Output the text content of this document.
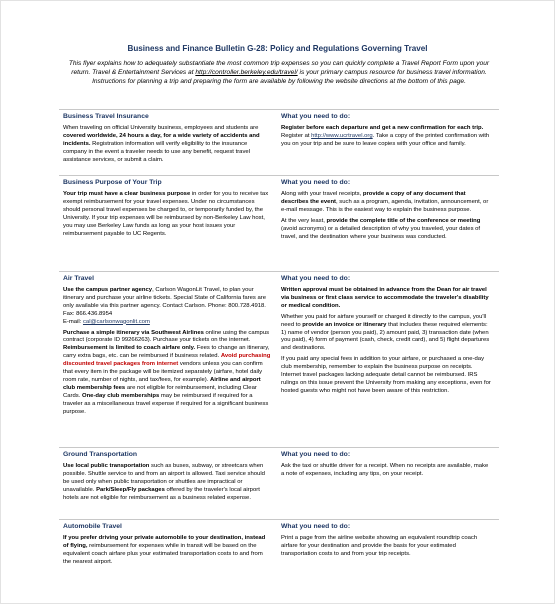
Business and Finance Bulletin G-28: Policy and Regulations Governing Travel
This flyer explains how to adequately substantiate the most common trip expenses so you can quickly complete a Travel Report Form upon your return. Travel & Entertainment Services at http://controller.berkeley.edu/travel/ is your primary campus resource for business travel information. Instructions for planning a trip and preparing the form are available by following the website directions at the bottom of this page.
Business Travel Insurance

When traveling on official University business, employees and students are covered worldwide, 24 hours a day, for a wide variety of accidents and incidents. Registration information will verify eligibility to the insurance company in the event a traveler needs to use any benefit, request travel assistance services, or submit a claim.

What you need to do:

Register before each departure and get a new confirmation for each trip. Register at http://www.ucrtravel.org. Take a copy of the printed confirmation with you on your trip and be sure to leave copies with your office and family.

Business Purpose of Your Trip

Your trip must have a clear business purpose in order for you to receive tax exempt reimbursement for your travel expenses. Under no circumstances should personal travel expenses be charged to, or temporarily funded by, the University. If your trip expenses will be reimbursed by non-Berkeley Law host, you may use Berkeley Law funds as long as your host issues your reimbursement payable to UC Regents.

What you need to do:

Along with your travel receipts, provide a copy of any document that describes the event, such as a program, agenda, invitation, announcement, or e-mail message. This is the easiest way to explain the business purpose.

At the very least, provide the complete title of the conference or meeting (avoid acronyms) or a detailed description of why you traveled, your dates of travel, and the destination where your business was conducted.

Air Travel

Use the campus partner agency, Carlson WagonLit Travel, to plan your itinerary and purchase your airline tickets. Special State of California fares are only available via this partner agency. Contact Carlson. Phone: 800.728.4918. Fax: 866.436.8954
E-mail: cal@carlsonwagonlit.com

Purchase a simple itinerary via Southwest Airlines online using the campus contract (corporate ID 99266263). Purchase your tickets on the internet. Reimbursement is limited to coach airfare only. Fees to change an itinerary, carry extra bags, etc. can be reimbursed if business related. Avoid purchasing discounted travel packages from internet vendors unless you can confirm that every item in the package will be itemized separately (airfare, hotel daily room rate, number of nights, and tax/fees, for example). Airline and airport club membership fees are not eligible for reimbursement, including Clear Cards. One-day club memberships may be reimbursed if required for a traveler as a miscellaneous travel expense if required for a significant business purpose.

What you need to do:

Written approval must be obtained in advance from the Dean for air travel via business or first class service to accommodate the traveler's disability or medical condition.

Whether you paid for airfare yourself or charged it directly to the campus, you'll need to provide an invoice or itinerary that includes these required elements: 1) name of vendor (person you paid), 2) amount paid, 3) transaction date (when you paid), 4) form of payment (cash, check, credit card), and 5) flight departures and destinations.

If you paid any special fees in addition to your airfare, or purchased a one-day club membership, remember to explain the business purpose on receipts. Internet travel packages lacking adequate detail cannot be reimbursed. IRS rulings on this issue prevent the University from making any exceptions, even for hosted guests who might not have been aware of this restriction.

Ground Transportation

Use local public transportation such as buses, subway, or streetcars when possible. Shuttle service to and from an airport is allowed. Taxi service should be used only when public transportation or shuttles are impractical or unavailable. Park/Sleep/Fly packages offered by the traveler's local airport hotels are not eligible for reimbursement as a business related expense.

What you need to do:

Ask the taxi or shuttle driver for a receipt. When no receipts are available, make a note of expenses, including any tips, on your receipt.

Automobile Travel

If you prefer driving your private automobile to your destination, instead of flying, reimbursement for expenses while in transit will be based on the equivalent coach airfare plus your estimated transportation costs to and from the nearest airport.

What you need to do:

Print a page from the airline website showing an equivalent roundtrip coach airfare for your destination and provide the basis for your estimated transportation costs to and from your trip receipts.
